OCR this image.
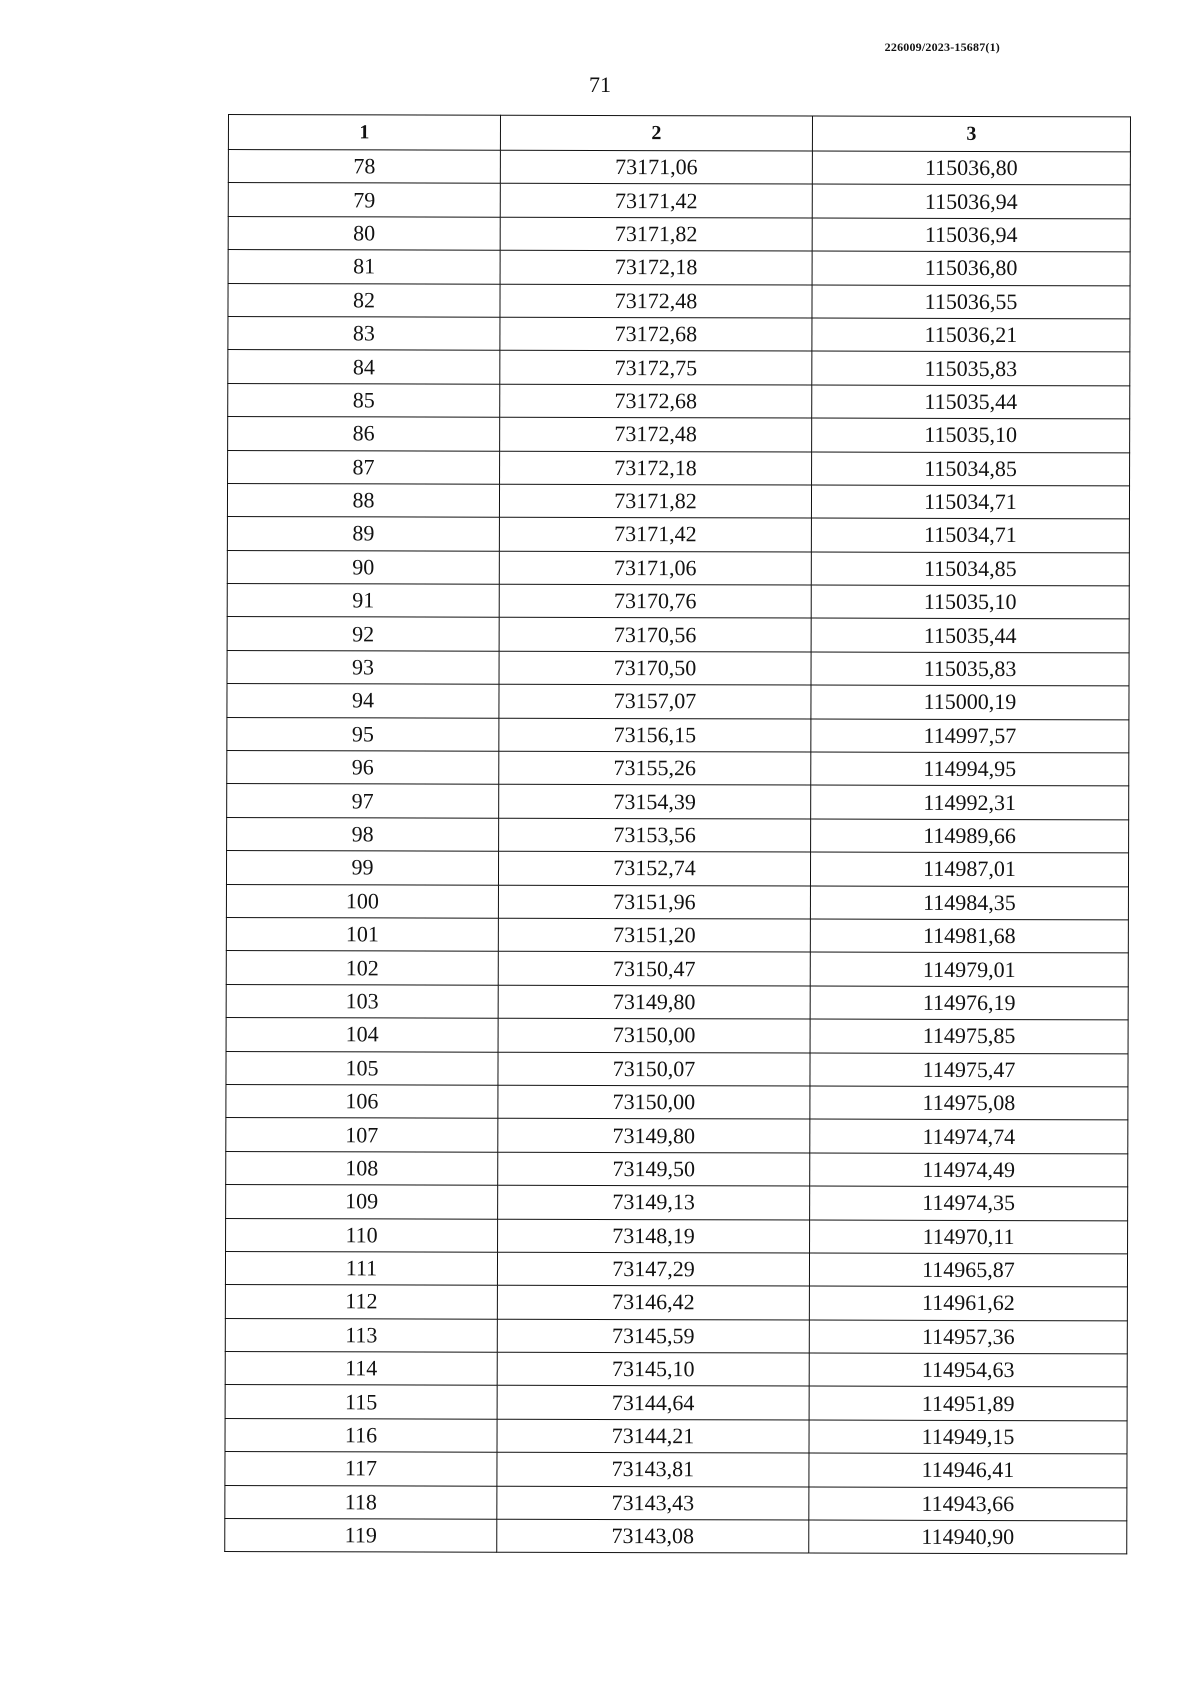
226009/2023-15687(1)
71
1	2	3
78	73171,06	115036,80
79	73171,42	115036,94
80	73171,82	115036,94
81	73172,18	115036,80
82	73172,48	115036,55
83	73172,68	115036,21
84	73172,75	115035,83
85	73172,68	115035,44
86	73172,48	115035,10
87	73172,18	115034,85
88	73171,82	115034,71
89	73171,42	115034,71
90	73171,06	115034,85
91	73170,76	115035,10
92	73170,56	115035,44
93	73170,50	115035,83
94	73157,07	115000,19
95	73156,15	114997,57
96	73155,26	114994,95
97	73154,39	114992,31
98	73153,56	114989,66
99	73152,74	114987,01
100	73151,96	114984,35
101	73151,20	114981,68
102	73150,47	114979,01
103	73149,80	114976,19
104	73150,00	114975,85
105	73150,07	114975,47
106	73150,00	114975,08
107	73149,80	114974,74
108	73149,50	114974,49
109	73149,13	114974,35
110	73148,19	114970,11
111	73147,29	114965,87
112	73146,42	114961,62
113	73145,59	114957,36
114	73145,10	114954,63
115	73144,64	114951,89
116	73144,21	114949,15
117	73143,81	114946,41
118	73143,43	114943,66
119	73143,08	114940,90
